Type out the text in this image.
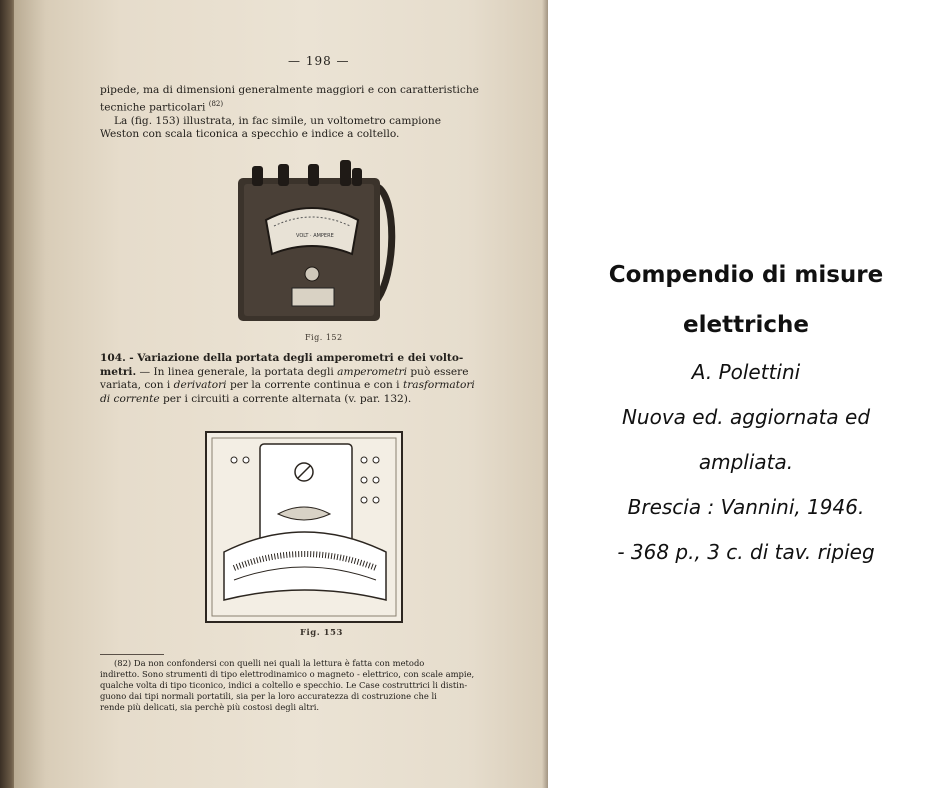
— 198 —
pipede, ma di dimensioni generalmente maggiori e con caratteristiche
tecniche particolari $^{(82)}$
La (fig. 153) illustrata, in fac simile, un voltometro campione
Weston con scala ticonica a specchio e indice a coltello.
VOLT · AMPERE
Fig. 152
104. - Variazione della portata degli amperometri e dei volto-
metri. — In linea generale, la portata degli amperometri può essere
variata, con i derivatori per la corrente continua e con i trasformatori
di corrente per i circuiti a corrente alternata (v. par. 132).
Fig. 153
(82) Da non confondersi con quelli nei quali la lettura è fatta con metodo
indiretto. Sono strumenti di tipo elettrodinamico o magneto - elettrico, con scale ampie,
qualche volta di tipo ticonico, indici a coltello e specchio. Le Case costruttrici li distin-
guono dai tipi normali portatili, sia per la loro accuratezza di costruzione che li
rende più delicati, sia perchè più costosi degli altri.
Compendio di misure
elettriche
A. Polettini
Nuova ed. aggiornata ed
ampliata.
Brescia : Vannini, 1946.
- 368 p., 3 c. di tav. ripieg
